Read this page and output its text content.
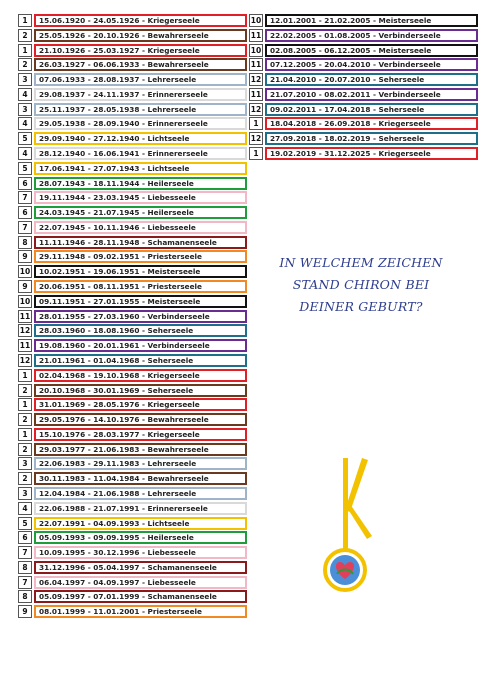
1	15.06.1920 - 24.05.1926 - Kriegerseele
2	25.05.1926 - 20.10.1926 - Bewahrerseele
1	21.10.1926 - 25.03.1927 - Kriegerseele
2	26.03.1927 - 06.06.1933 - Bewahrerseele
3	07.06.1933 - 28.08.1937 - Lehrerseele
4	29.08.1937 - 24.11.1937 - Erinnererseele
3	25.11.1937 - 28.05.1938 - Lehrerseele
4	29.05.1938 - 28.09.1940 - Erinnererseele
5	29.09.1940 - 27.12.1940 - Lichtseele
4	28.12.1940 - 16.06.1941 - Erinnererseele
5	17.06.1941 - 27.07.1943 - Lichtseele
6	28.07.1943 - 18.11.1944 - Heilerseele
7	19.11.1944 - 23.03.1945 - Liebesseele
6	24.03.1945 - 21.07.1945 - Heilerseele
7	22.07.1945 - 10.11.1946 - Liebesseele
8	11.11.1946 - 28.11.1948 - Schamanenseele
9	29.11.1948 - 09.02.1951 - Priesterseele
10	10.02.1951 - 19.06.1951 - Meisterseele
9	20.06.1951 - 08.11.1951 - Priesterseele
10	09.11.1951 - 27.01.1955 - Meisterseele
11	28.01.1955 - 27.03.1960 - Verbinderseele
12	28.03.1960 - 18.08.1960 - Seherseele
11	19.08.1960 - 20.01.1961 - Verbinderseele
12	21.01.1961 - 01.04.1968 - Seherseele
1	02.04.1968 - 19.10.1968 - Kriegerseele
2	20.10.1968 - 30.01.1969 - Seherseele
1	31.01.1969 - 28.05.1976 - Kriegerseele
2	29.05.1976 - 14.10.1976 - Bewahrerseele
1	15.10.1976 - 28.03.1977 - Kriegerseele
2	29.03.1977 - 21.06.1983 - Bewahrerseele
3	22.06.1983 - 29.11.1983 - Lehrerseele
2	30.11.1983 - 11.04.1984 - Bewahrerseele
3	12.04.1984 - 21.06.1988 - Lehrerseele
4	22.06.1988 - 21.07.1991 - Erinnererseele
5	22.07.1991 - 04.09.1993 - Lichtseele
6	05.09.1993 - 09.09.1995 - Heilerseele
7	10.09.1995 - 30.12.1996 - Liebesseele
8	31.12.1996 - 05.04.1997 - Schamanenseele
7	06.04.1997 - 04.09.1997 - Liebesseele
8	05.09.1997 - 07.01.1999 - Schamanenseele
9	08.01.1999 - 11.01.2001 - Priesterseele
10	12.01.2001 - 21.02.2005 - Meisterseele
11	22.02.2005 - 01.08.2005 - Verbinderseele
10	02.08.2005 - 06.12.2005 - Meisterseele
11	07.12.2005 - 20.04.2010 - Verbinderseele
12	21.04.2010 - 20.07.2010 - Seherseele
11	21.07.2010 - 08.02.2011 - Verbinderseele
12	09.02.2011 - 17.04.2018 - Seherseele
1	18.04.2018 - 26.09.2018 - Kriegerseele
12	27.09.2018 - 18.02.2019 - Seherseele
1	19.02.2019 - 31.12.2025 - Kriegerseele
IN WELCHEM ZEICHEN
STAND CHIRON BEI
DEINER GEBURT?
